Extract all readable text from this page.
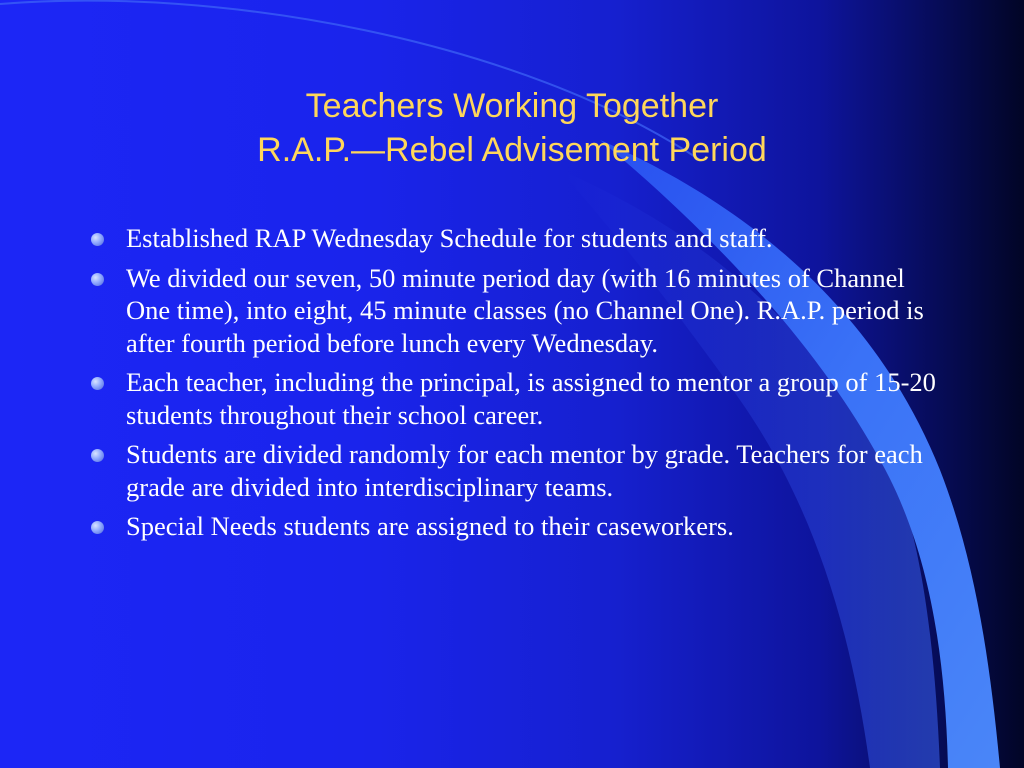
Teachers Working Together
R.A.P.—Rebel Advisement Period
Established RAP Wednesday Schedule for students and staff.
We divided our seven, 50 minute period day (with 16 minutes of Channel One time), into eight, 45 minute classes (no Channel One). R.A.P. period is after fourth period before lunch every Wednesday.
Each teacher, including the principal, is assigned to mentor a group of 15-20 students throughout their school career.
Students are divided randomly for each mentor by grade. Teachers for each grade are divided into interdisciplinary teams.
Special Needs students are assigned to their caseworkers.
